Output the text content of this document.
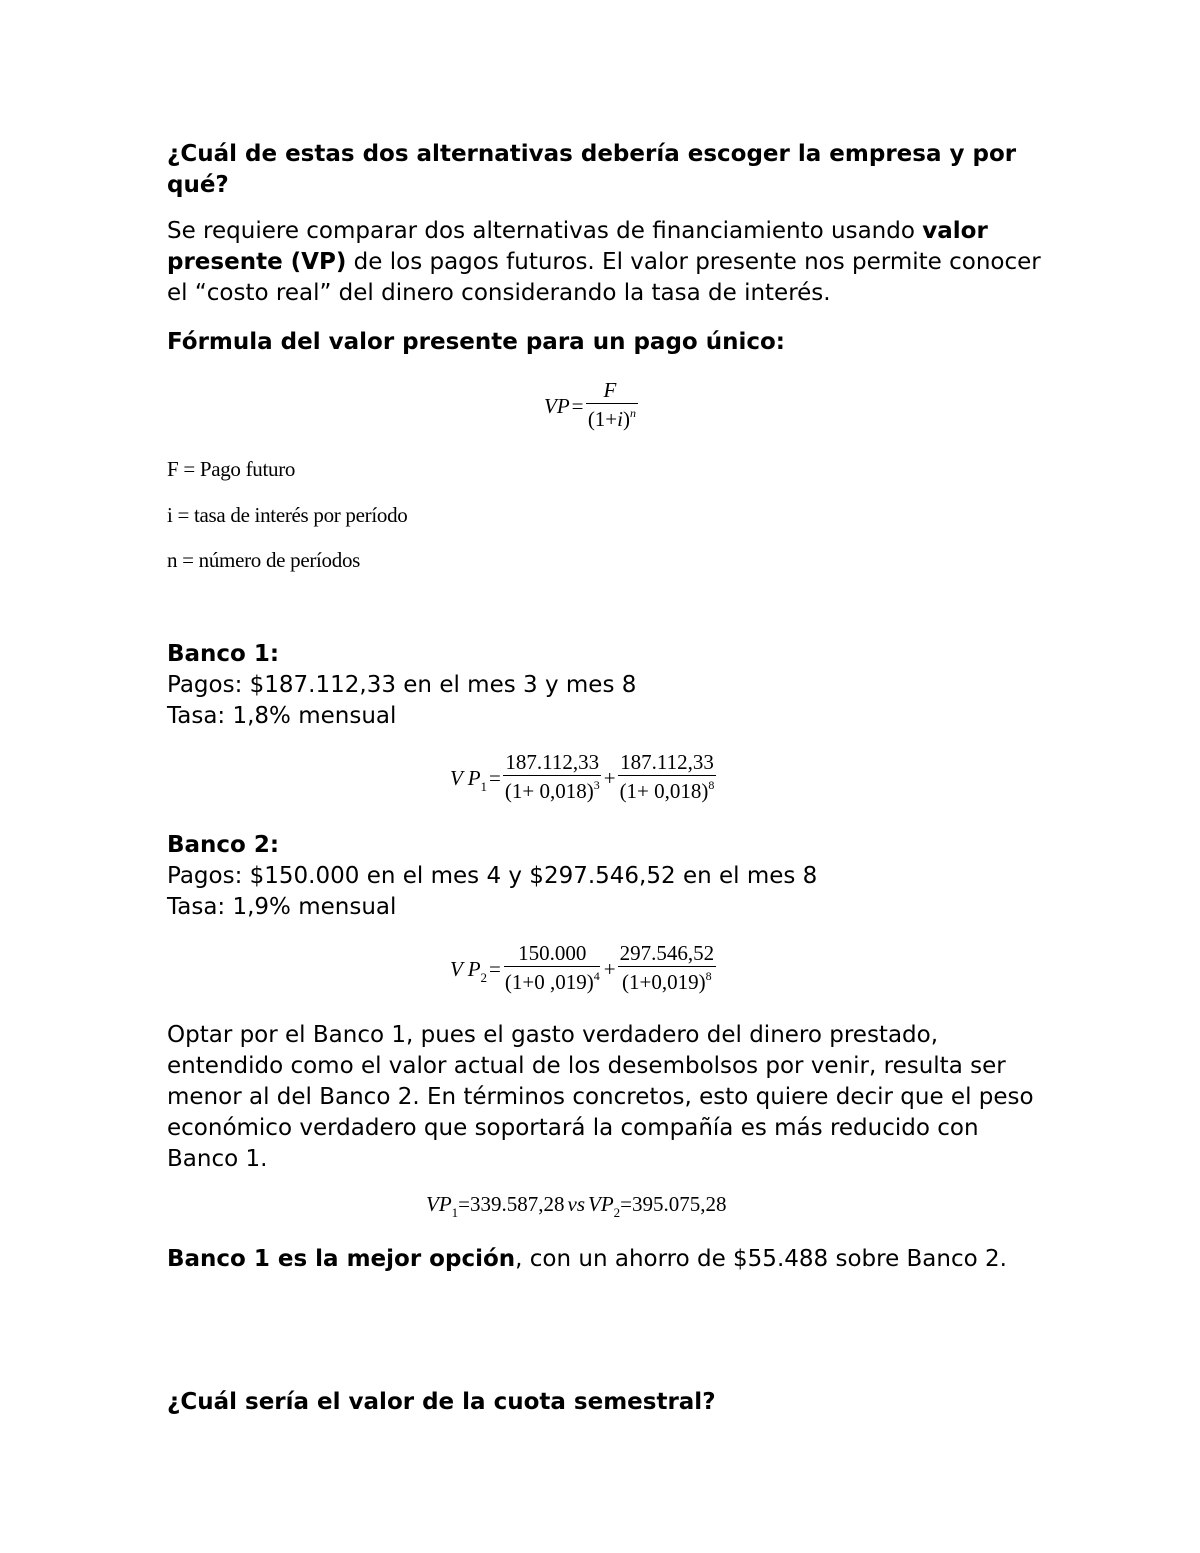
¿Cuál de estas dos alternativas debería escoger la empresa y por qué?

Se requiere comparar dos alternativas de financiamiento usando valor presente (VP) de los pagos futuros. El valor presente nos permite conocer el “costo real” del dinero considerando la tasa de interés.

Fórmula del valor presente para un pago único:

VP = $\frac{F}{(1+i)^n}$
F = Pago futuro
i = tasa de interés por período
n = número de períodos
Banco 1:
Pagos: $187.112,33 en el mes 3 y mes 8
Tasa: 1,8% mensual
V P $1 = \frac{187.112,33}{(1+ 0,018)^3} + \frac{187.112,33}{(1+ 0,018)^8}$
Banco 2:
Pagos: $150.000 en el mes 4 y $297.546,52 en el mes 8
Tasa: 1,9% mensual
V P $2 = \frac{150.000}{(1+0 ,019)^4} + \frac{297.546,52}{(1+0,019)^8}$

Optar por el Banco 1, pues el gasto verdadero del dinero prestado, entendido como el valor actual de los desembolsos por venir, resulta ser menor al del Banco 2. En términos concretos, esto quiere decir que el peso económico verdadero que soportará la compañía es más reducido con Banco 1.

VP 1 =339.587,28 vs VP 2 =395.075,28

Banco 1 es la mejor opción, con un ahorro de $55.488 sobre Banco 2.

¿Cuál sería el valor de la cuota semestral?
